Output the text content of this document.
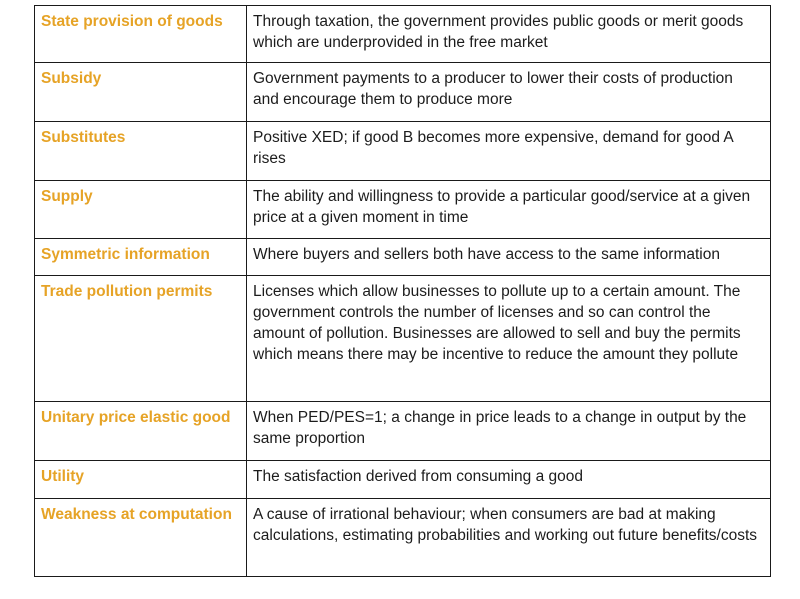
State provision of goods	Through taxation, the government provides public goods or merit goods which are underprovided in the free market
Subsidy	Government payments to a producer to lower their costs of production and encourage them to produce more
Substitutes	Positive XED; if good B becomes more expensive, demand for good A rises
Supply	The ability and willingness to provide a particular good/service at a given price at a given moment in time
Symmetric information	Where buyers and sellers both have access to the same information
Trade pollution permits	Licenses which allow businesses to pollute up to a certain amount. The government controls the number of licenses and so can control the amount of pollution. Businesses are allowed to sell and buy the permits which means there may be incentive to reduce the amount they pollute
Unitary price elastic good	When PED/PES=1; a change in price leads to a change in output by the same proportion
Utility	The satisfaction derived from consuming a good
Weakness at computation	A cause of irrational behaviour; when consumers are bad at making calculations, estimating probabilities and working out future benefits/costs
